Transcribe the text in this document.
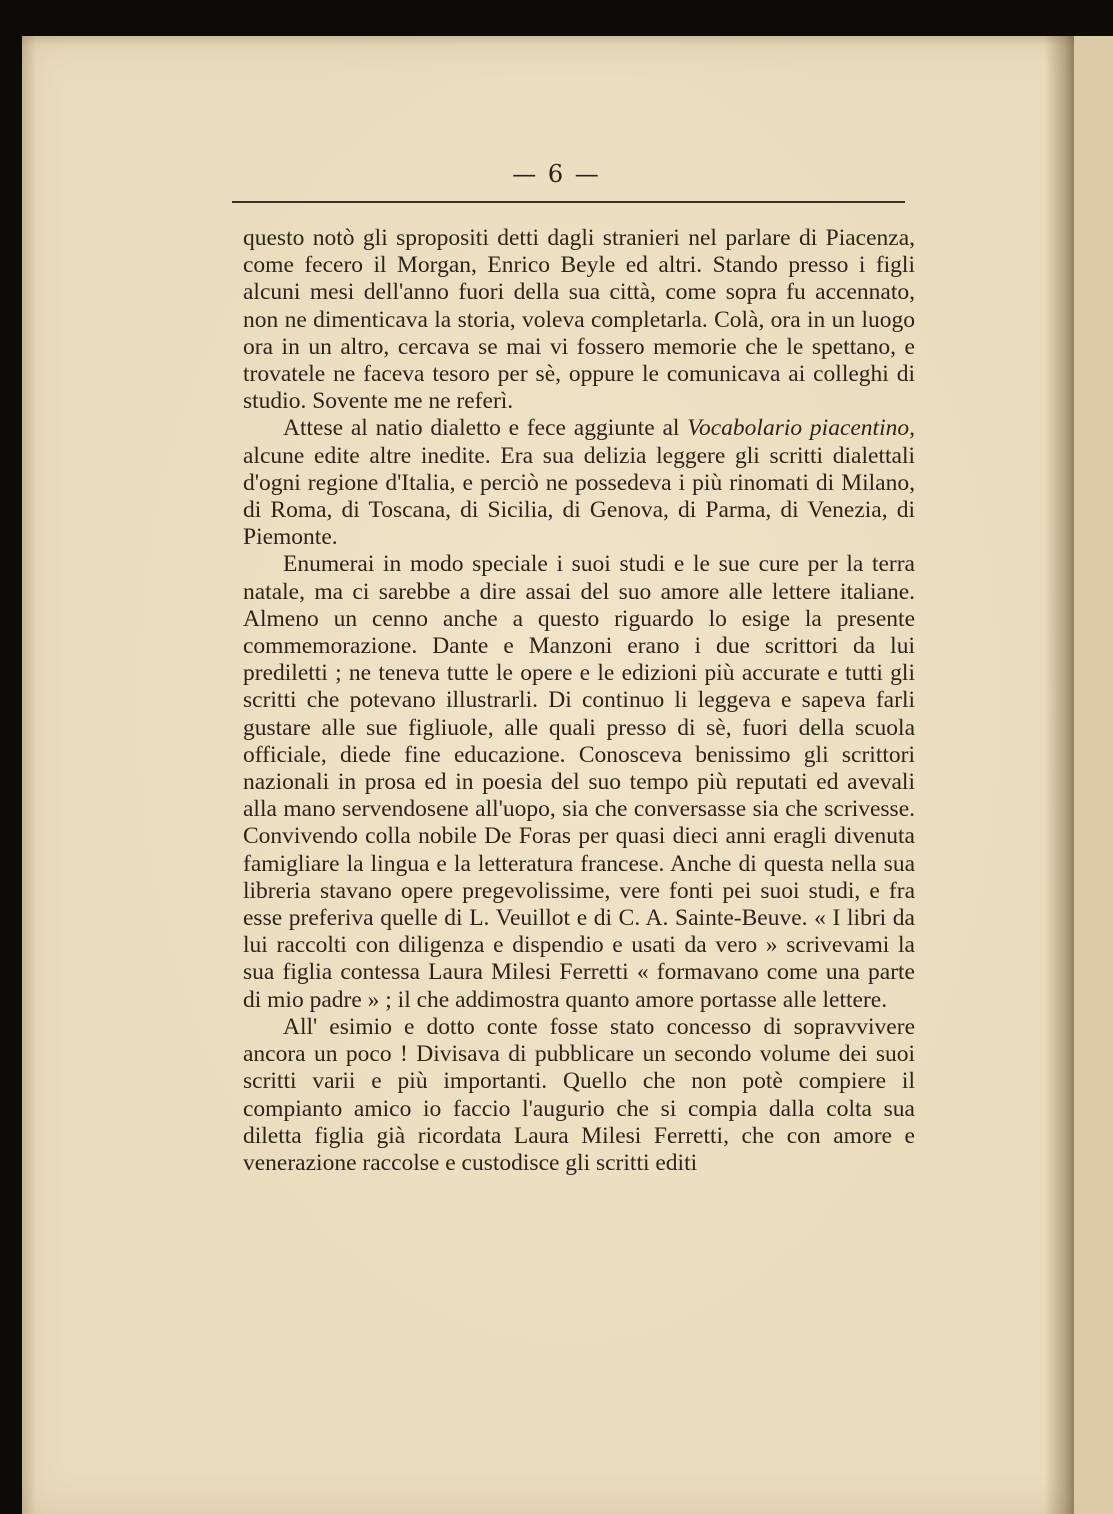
— 6 —

questo notò gli spropositi detti dagli stranieri nel parlare di Piacenza, come fecero il Morgan, Enrico Beyle ed altri. Stando presso i figli alcuni mesi dell'anno fuori della sua città, come sopra fu accennato, non ne dimenticava la storia, voleva completarla. Colà, ora in un luogo ora in un altro, cercava se mai vi fossero memorie che le spettano, e trovatele ne faceva tesoro per sè, oppure le comunicava ai colleghi di studio. Sovente me ne referì.

Attese al natio dialetto e fece aggiunte al Vocabolario piacentino, alcune edite altre inedite. Era sua delizia leggere gli scritti dialettali d'ogni regione d'Italia, e perciò ne possedeva i più rinomati di Milano, di Roma, di Toscana, di Sicilia, di Genova, di Parma, di Venezia, di Piemonte.

Enumerai in modo speciale i suoi studi e le sue cure per la terra natale, ma ci sarebbe a dire assai del suo amore alle lettere italiane. Almeno un cenno anche a questo riguardo lo esige la presente commemorazione. Dante e Manzoni erano i due scrittori da lui prediletti ; ne teneva tutte le opere e le edizioni più accurate e tutti gli scritti che potevano illustrarli. Di continuo li leggeva e sapeva farli gustare alle sue figliuole, alle quali presso di sè, fuori della scuola officiale, diede fine educazione. Conosceva benissimo gli scrittori nazionali in prosa ed in poesia del suo tempo più reputati ed avevali alla mano servendosene all'uopo, sia che conversasse sia che scrivesse. Convivendo colla nobile De Foras per quasi dieci anni eragli divenuta famigliare la lingua e la letteratura francese. Anche di questa nella sua libreria stavano opere pregevolissime, vere fonti pei suoi studi, e fra esse preferiva quelle di L. Veuillot e di C. A. Sainte-Beuve. « I libri da lui raccolti con diligenza e dispendio e usati da vero » scrivevami la sua figlia contessa Laura Milesi Ferretti « formavano come una parte di mio padre » ; il che addimostra quanto amore portasse alle lettere.

All' esimio e dotto conte fosse stato concesso di sopravvivere ancora un poco ! Divisava di pubblicare un secondo volume dei suoi scritti varii e più importanti. Quello che non potè compiere il compianto amico io faccio l'augurio che si compia dalla colta sua diletta figlia già ricordata Laura Milesi Ferretti, che con amore e venerazione raccolse e custodisce gli scritti editi
